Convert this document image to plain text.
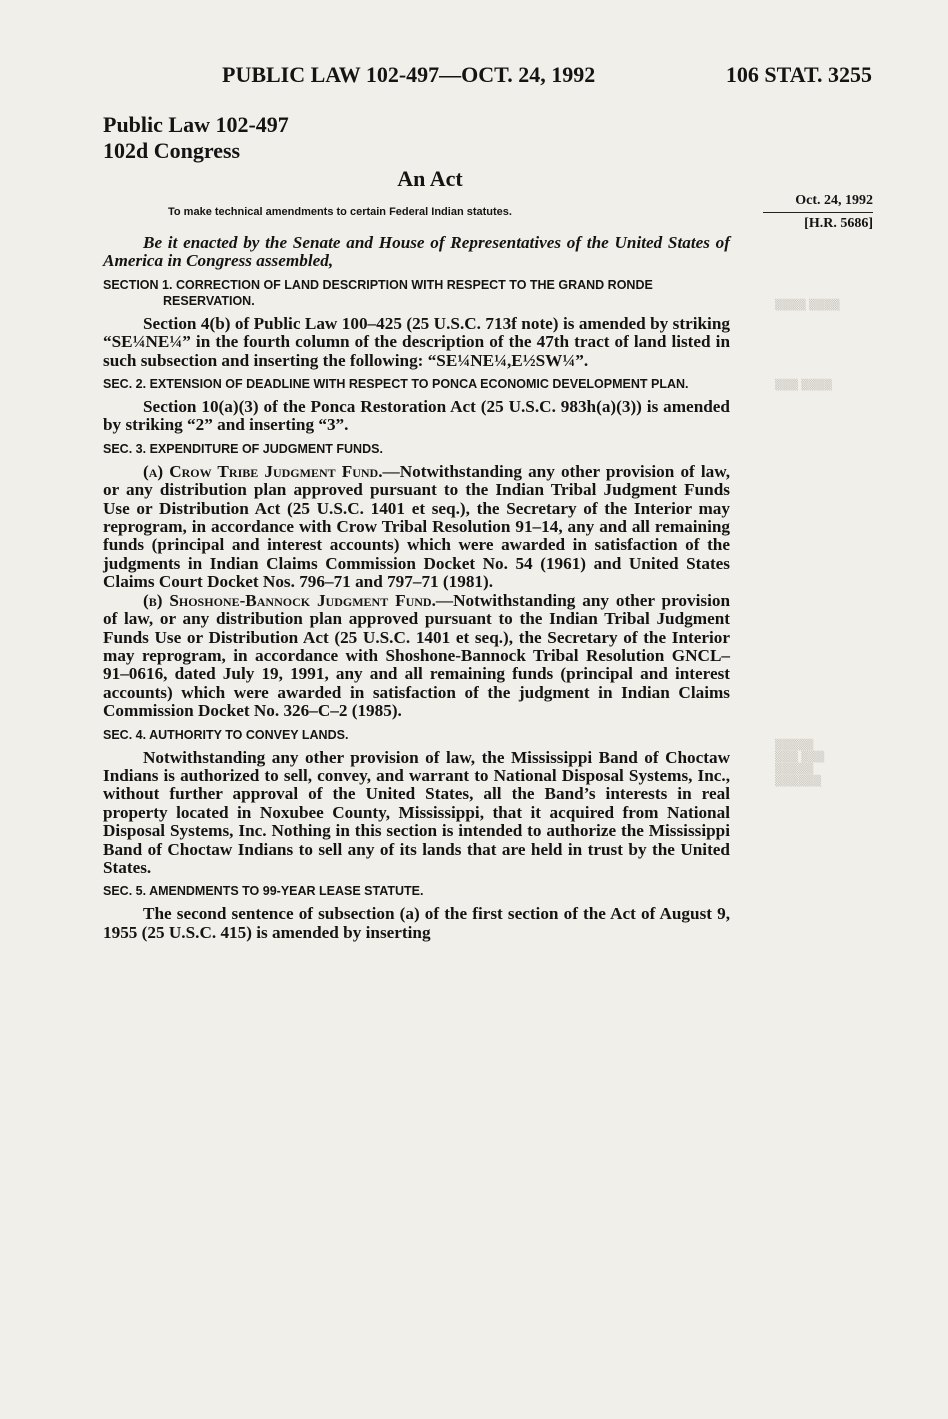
▒▒▒▒ ▒▒▒▒
▒▒▒ ▒▒▒▒
▒▒▒▒▒
▒▒▒ ▒▒▒
▒▒▒▒▒
▒▒▒▒▒▒
PUBLIC LAW 102-497—OCT. 24, 1992	106 STAT. 3255
Public Law 102-497
102d Congress
An Act
To make technical amendments to certain Federal Indian statutes.
Oct. 24, 1992
[H.R. 5686]

Be it enacted by the Senate and House of Representatives of the United States of America in Congress assembled,

SECTION 1. CORRECTION OF LAND DESCRIPTION WITH RESPECT TO THE GRAND RONDE RESERVATION.

Section 4(b) of Public Law 100–425 (25 U.S.C. 713f note) is amended by striking “SE¼NE¼” in the fourth column of the description of the 47th tract of land listed in such subsection and inserting the following: “SE¼NE¼,E½SW¼”.

SEC. 2. EXTENSION OF DEADLINE WITH RESPECT TO PONCA ECONOMIC DEVELOPMENT PLAN.

Section 10(a)(3) of the Ponca Restoration Act (25 U.S.C. 983h(a)(3)) is amended by striking “2” and inserting “3”.

SEC. 3. EXPENDITURE OF JUDGMENT FUNDS.

(a) Crow Tribe Judgment Fund.—Notwithstanding any other provision of law, or any distribution plan approved pursuant to the Indian Tribal Judgment Funds Use or Distribution Act (25 U.S.C. 1401 et seq.), the Secretary of the Interior may reprogram, in accordance with Crow Tribal Resolution 91–14, any and all remaining funds (principal and interest accounts) which were awarded in satisfaction of the judgments in Indian Claims Commission Docket No. 54 (1961) and United States Claims Court Docket Nos. 796–71 and 797–71 (1981).

(b) Shoshone-Bannock Judgment Fund.—Notwithstanding any other provision of law, or any distribution plan approved pursuant to the Indian Tribal Judgment Funds Use or Distribution Act (25 U.S.C. 1401 et seq.), the Secretary of the Interior may reprogram, in accordance with Shoshone-Bannock Tribal Resolution GNCL–91–0616, dated July 19, 1991, any and all remaining funds (principal and interest accounts) which were awarded in satisfaction of the judgment in Indian Claims Commission Docket No. 326–C–2 (1985).

SEC. 4. AUTHORITY TO CONVEY LANDS.

Notwithstanding any other provision of law, the Mississippi Band of Choctaw Indians is authorized to sell, convey, and warrant to National Disposal Systems, Inc., without further approval of the United States, all the Band’s interests in real property located in Noxubee County, Mississippi, that it acquired from National Disposal Systems, Inc. Nothing in this section is intended to authorize the Mississippi Band of Choctaw Indians to sell any of its lands that are held in trust by the United States.

SEC. 5. AMENDMENTS TO 99-YEAR LEASE STATUTE.

The second sentence of subsection (a) of the first section of the Act of August 9, 1955 (25 U.S.C. 415) is amended by inserting
